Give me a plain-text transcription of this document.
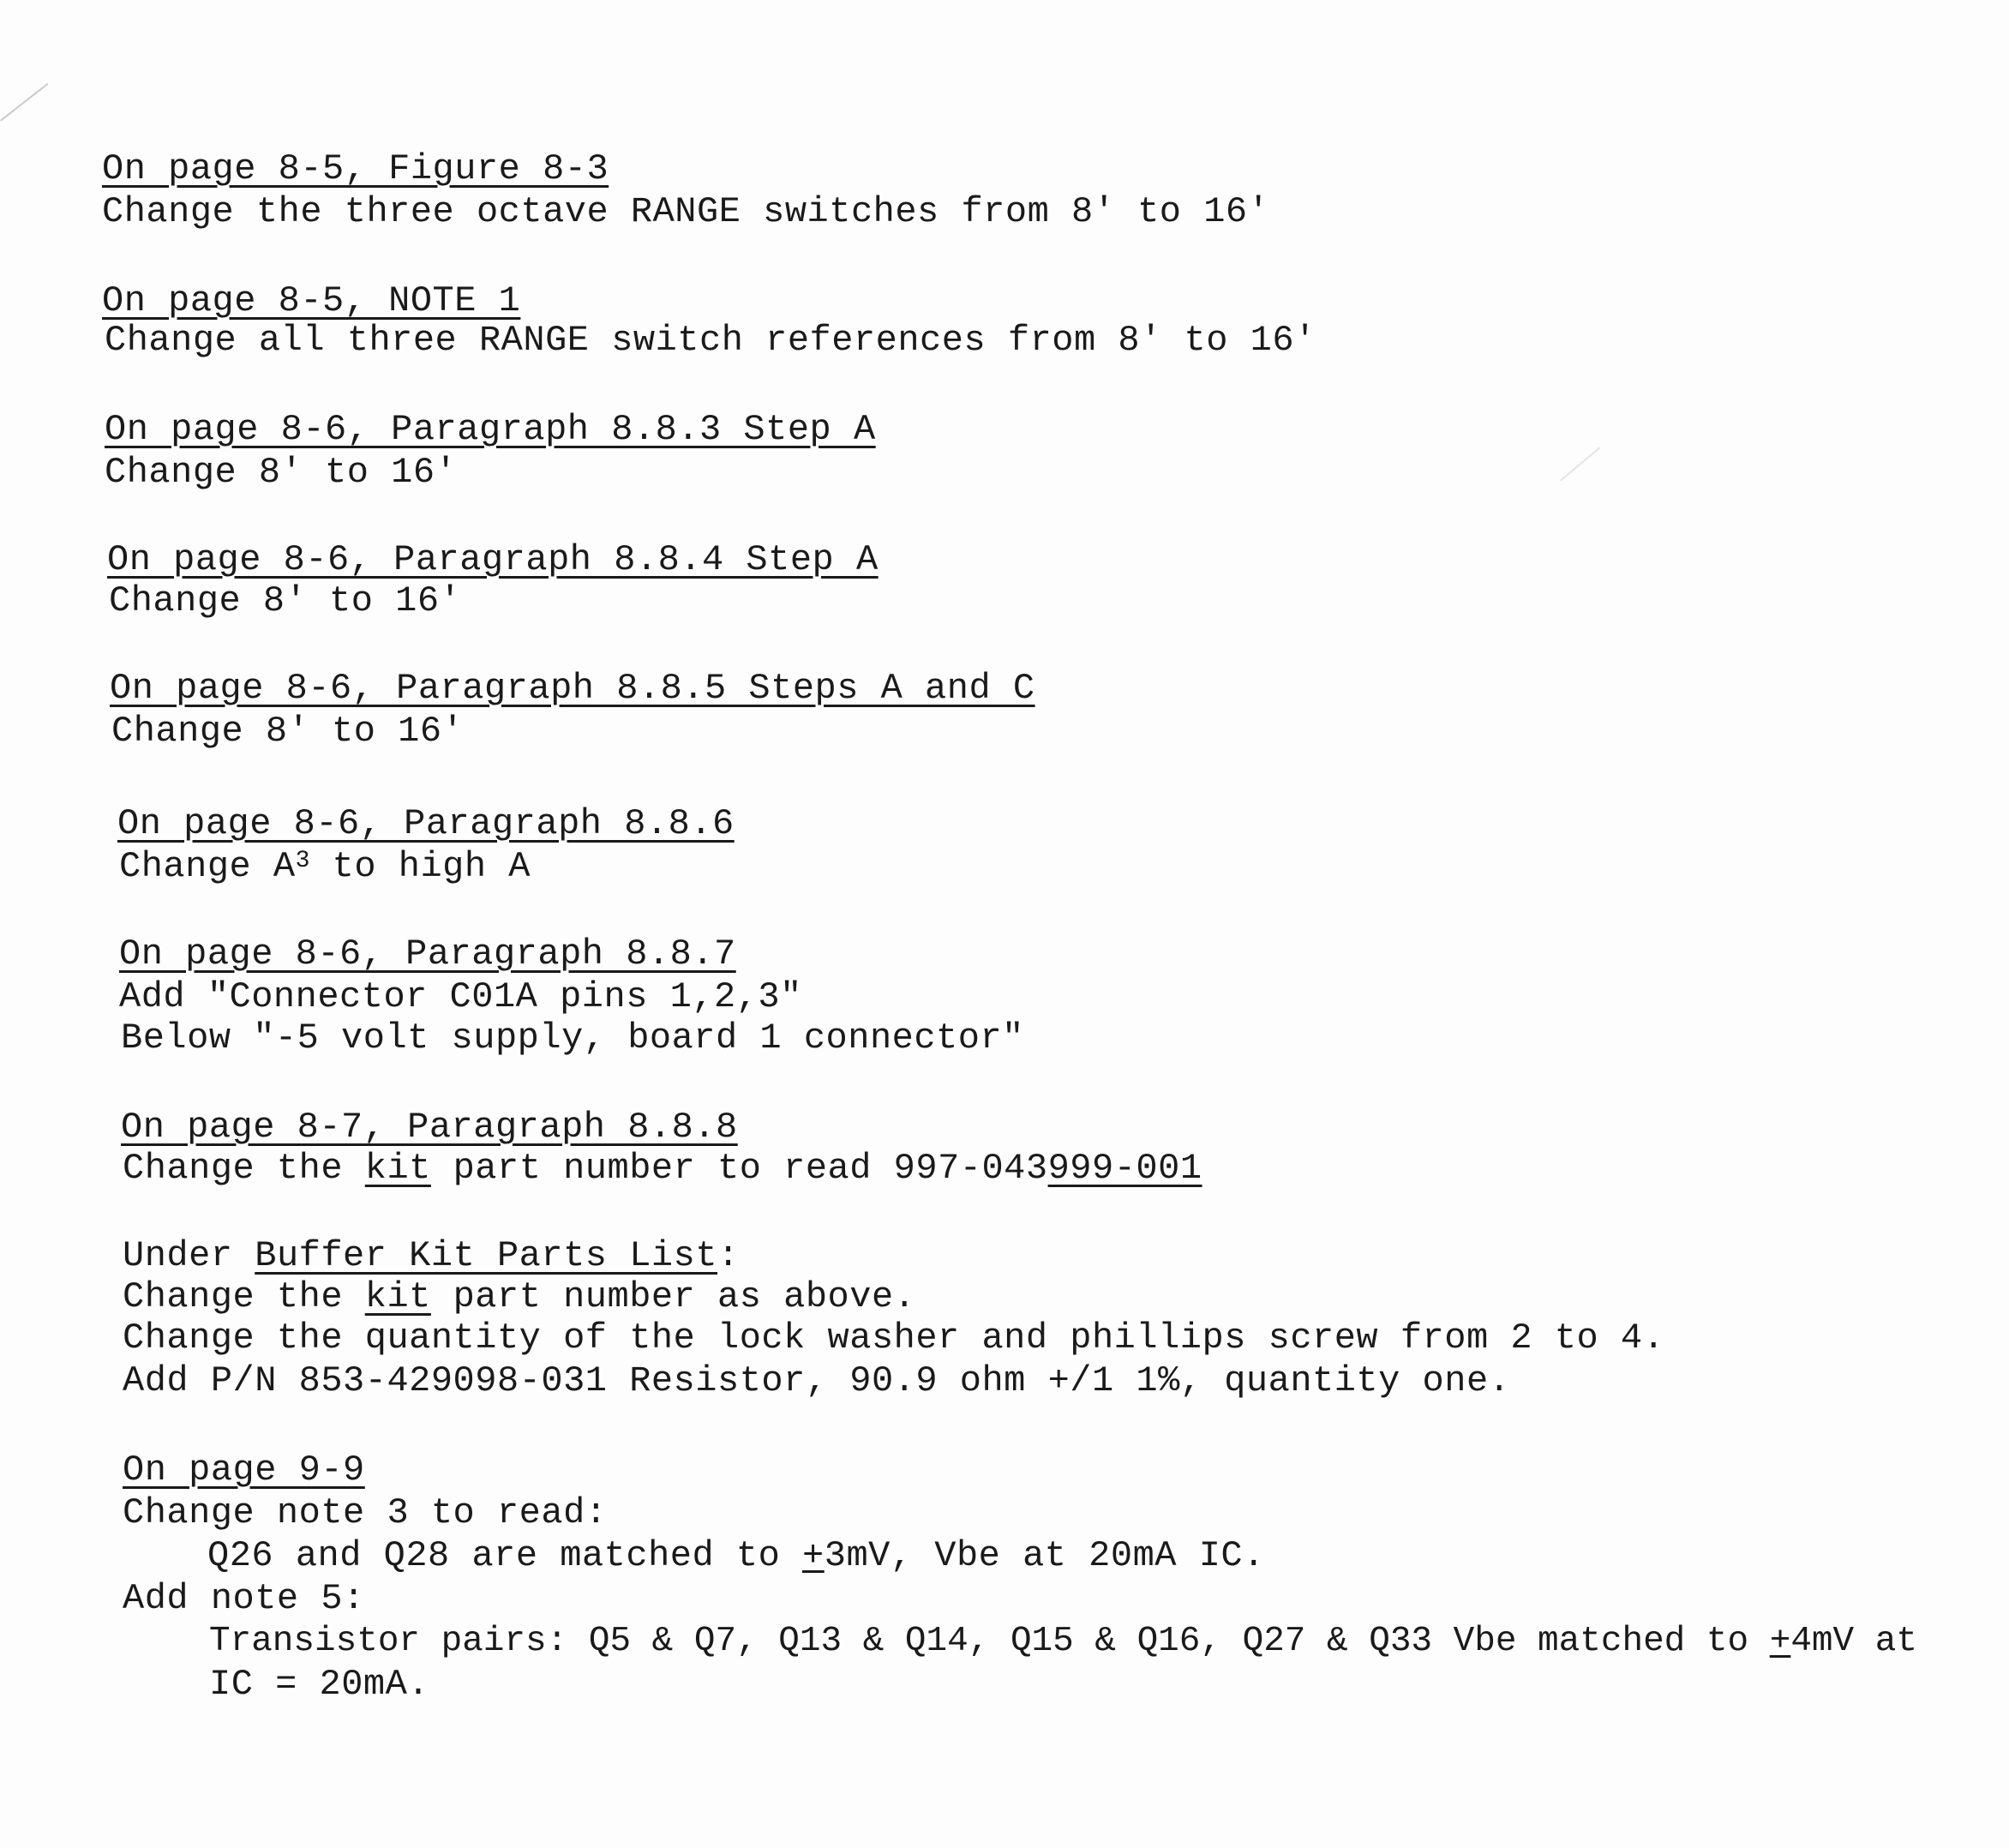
On page 8-5, Figure 8-3
Change the three octave RANGE switches from 8' to 16'
On page 8-5, NOTE 1
Change all three RANGE switch references from 8' to 16'
On page 8-6, Paragraph 8.8.3 Step A
Change 8' to 16'
On page 8-6, Paragraph 8.8.4 Step A
Change 8' to 16'
On page 8-6, Paragraph 8.8.5 Steps A and C
Change 8' to 16'
On page 8-6, Paragraph 8.8.6
Change $A^3$ to high A
On page 8-6, Paragraph 8.8.7
Add "Connector C01A pins 1,2,3"
Below "-5 volt supply, board 1 connector"
On page 8-7, Paragraph 8.8.8
Change the kit part number to read 997-043999-001
Under Buffer Kit Parts List:
Change the kit part number as above.
Change the quantity of the lock washer and phillips screw from 2 to 4.
Add P/N 853-429098-031 Resistor, 90.9 ohm +/1 1%, quantity one.
On page 9-9
Change note 3 to read:
Q26 and Q28 are matched to +3mV, Vbe at 20mA IC.
Add note 5:
Transistor pairs: Q5 & Q7, Q13 & Q14, Q15 & Q16, Q27 & Q33 Vbe matched to +4mV at
IC = 20mA.
